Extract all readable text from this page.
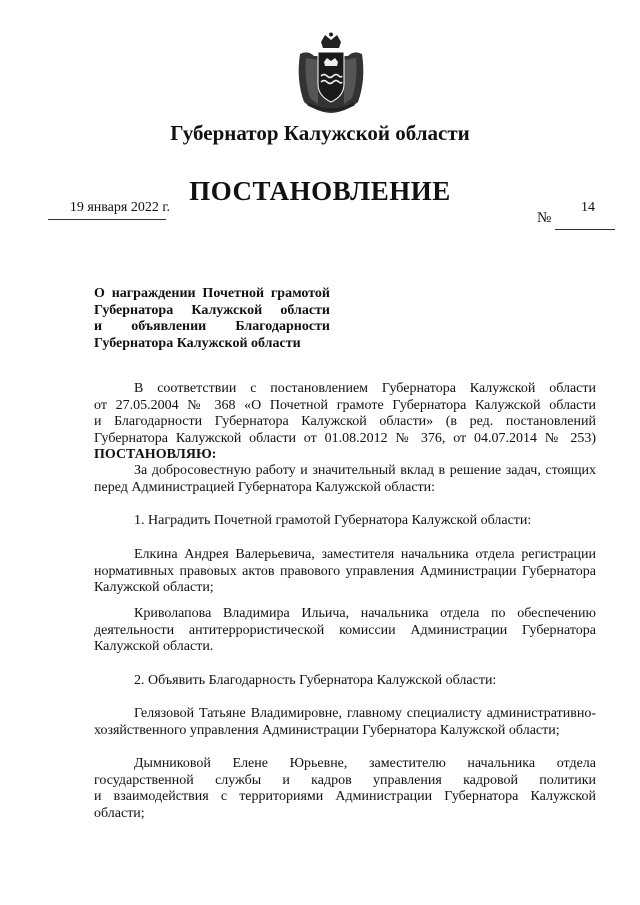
Губернатор Калужской области
ПОСТАНОВЛЕНИЕ
19 января 2022 г.
№
14
О награждении Почетной грамотой
Губернатора Калужской области
и объявлении Благодарности
Губернатора Калужской области
В соответствии с постановлением Губернатора Калужской области
от 27.05.2004 № 368 «О Почетной грамоте Губернатора Калужской области
и Благодарности Губернатора Калужской области» (в ред. постановлений
Губернатора Калужской области от 01.08.2012 № 376, от 04.07.2014 № 253)
ПОСТАНОВЛЯЮ:
За добросовестную работу и значительный вклад в решение задач, стоящих
перед Администрацией Губернатора Калужской области:
1. Наградить Почетной грамотой Губернатора Калужской области:
Елкина Андрея Валерьевича, заместителя начальника отдела регистрации
нормативных правовых актов правового управления Администрации Губернатора
Калужской области;
Криволапова Владимира Ильича, начальника отдела по обеспечению
деятельности антитеррористической комиссии Администрации Губернатора
Калужской области.
2. Объявить Благодарность Губернатора Калужской области:
Гелязовой Татьяне Владимировне, главному специалисту административно-
хозяйственного управления Администрации Губернатора Калужской области;
Дымниковой Елене Юрьевне, заместителю начальника отдела
государственной службы и кадров управления кадровой политики
и взаимодействия с территориями Администрации Губернатора Калужской
области;
